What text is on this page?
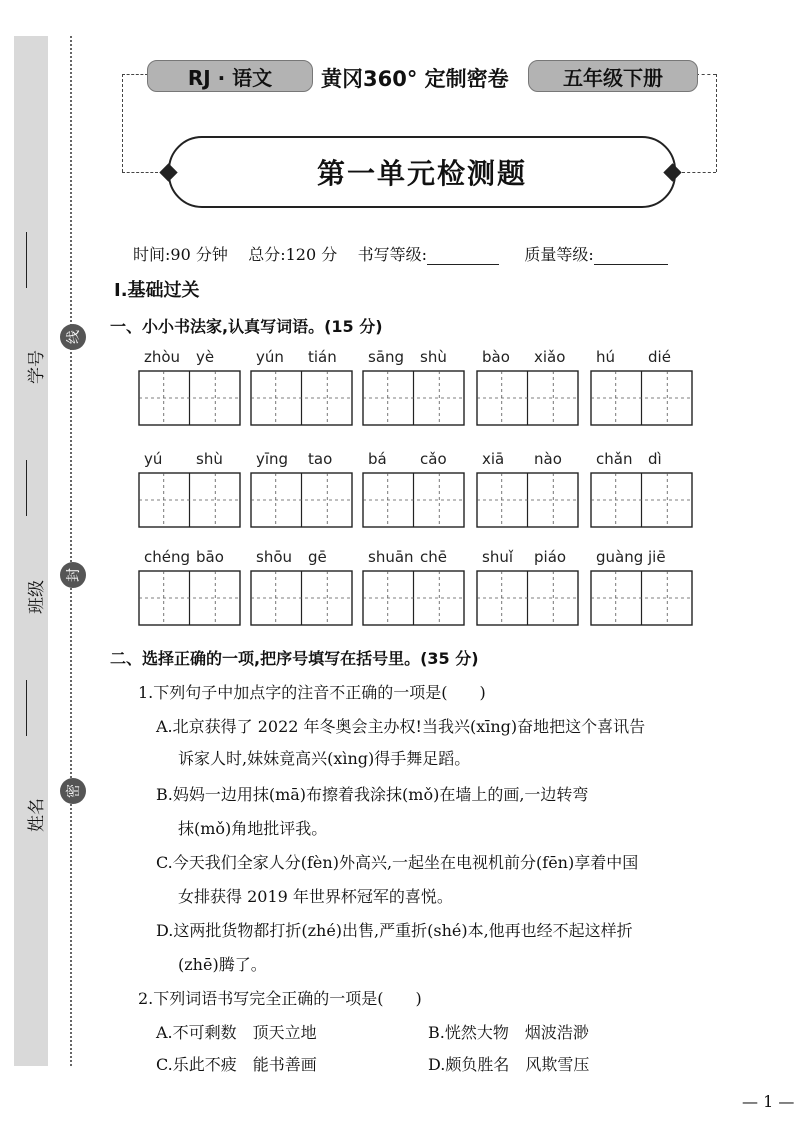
学号
班级
姓名
线
封
密
RJ · 语文	黄冈360° 定制密卷	五年级下册
第一单元检测题
时间:90 分钟 总分:120 分 书写等级:	质量等级:
Ⅰ.基础过关
一、小小书法家,认真写词语。(15 分)
zhòu yè	yún tián sāng shù bào xiǎo hú dié
yú shù yīng tao bá cǎo xiā nào chǎn dì
chéng bāo shōu gē	shuān chē shuǐ piáo guàng jiē
二、选择正确的一项,把序号填写在括号里。(35 分)
1.下列句子中加点字的注音不正确的一项是(　　)
A.北京获得了 2022 年冬奥会主办权!当我兴(xīng)奋地把这个喜讯告
诉家人时,妹妹竟高兴(xìng)得手舞足蹈。
B.妈妈一边用抹(mā)布擦着我涂抹(mǒ)在墙上的画,一边转弯
抹(mǒ)角地批评我。
C.今天我们全家人分(fèn)外高兴,一起坐在电视机前分(fēn)享着中国
女排获得 2019 年世界杯冠军的喜悦。
D.这两批货物都打折(zhé)出售,严重折(shé)本,他再也经不起这样折
(zhē)腾了。
2.下列词语书写完全正确的一项是(　　)
A.不可剩数　顶天立地	B.恍然大物　烟波浩渺
C.乐此不疲　能书善画	D.颇负胜名　风欺雪压
— 1 —
